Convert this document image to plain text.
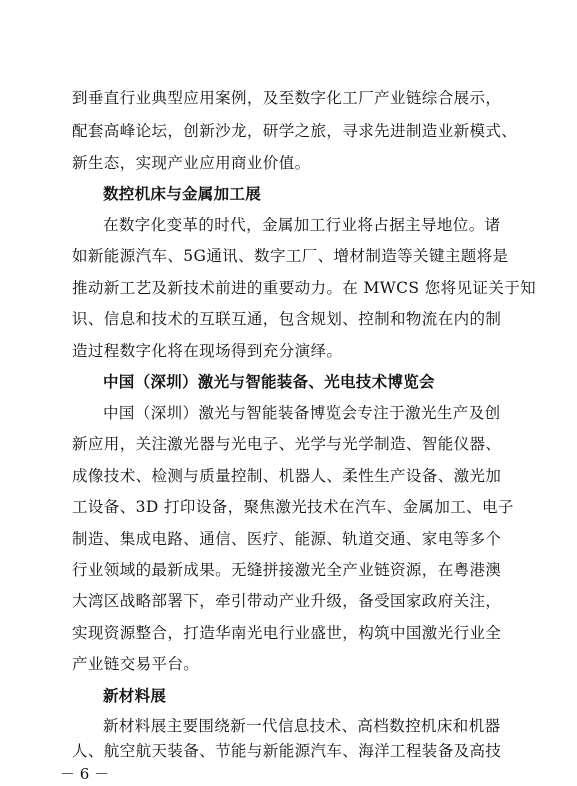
到垂直行业典型应用案例，及至数字化工厂产业链综合展示，
配套高峰论坛，创新沙龙，研学之旅，寻求先进制造业新模式、
新生态，实现产业应用商业价值。
数控机床与金属加工展
在数字化变革的时代，金属加工行业将占据主导地位。诸
如新能源汽车、5G通讯、数字工厂、增材制造等关键主题将是
推动新工艺及新技术前进的重要动力。在 MWCS 您将见证关于知
识、信息和技术的互联互通，包含规划、控制和物流在内的制
造过程数字化将在现场得到充分演绎。
中国（深圳）激光与智能装备、光电技术博览会
中国（深圳）激光与智能装备博览会专注于激光生产及创
新应用，关注激光器与光电子、光学与光学制造、智能仪器、
成像技术、检测与质量控制、机器人、柔性生产设备、激光加
工设备、3D 打印设备，聚焦激光技术在汽车、金属加工、电子
制造、集成电路、通信、医疗、能源、轨道交通、家电等多个
行业领域的最新成果。无缝拼接激光全产业链资源，在粤港澳
大湾区战略部署下，牵引带动产业升级，备受国家政府关注，
实现资源整合，打造华南光电行业盛世，构筑中国激光行业全
产业链交易平台。
新材料展
新材料展主要围绕新一代信息技术、高档数控机床和机器
人、航空航天装备、节能与新能源汽车、海洋工程装备及高技
－ 6 －
